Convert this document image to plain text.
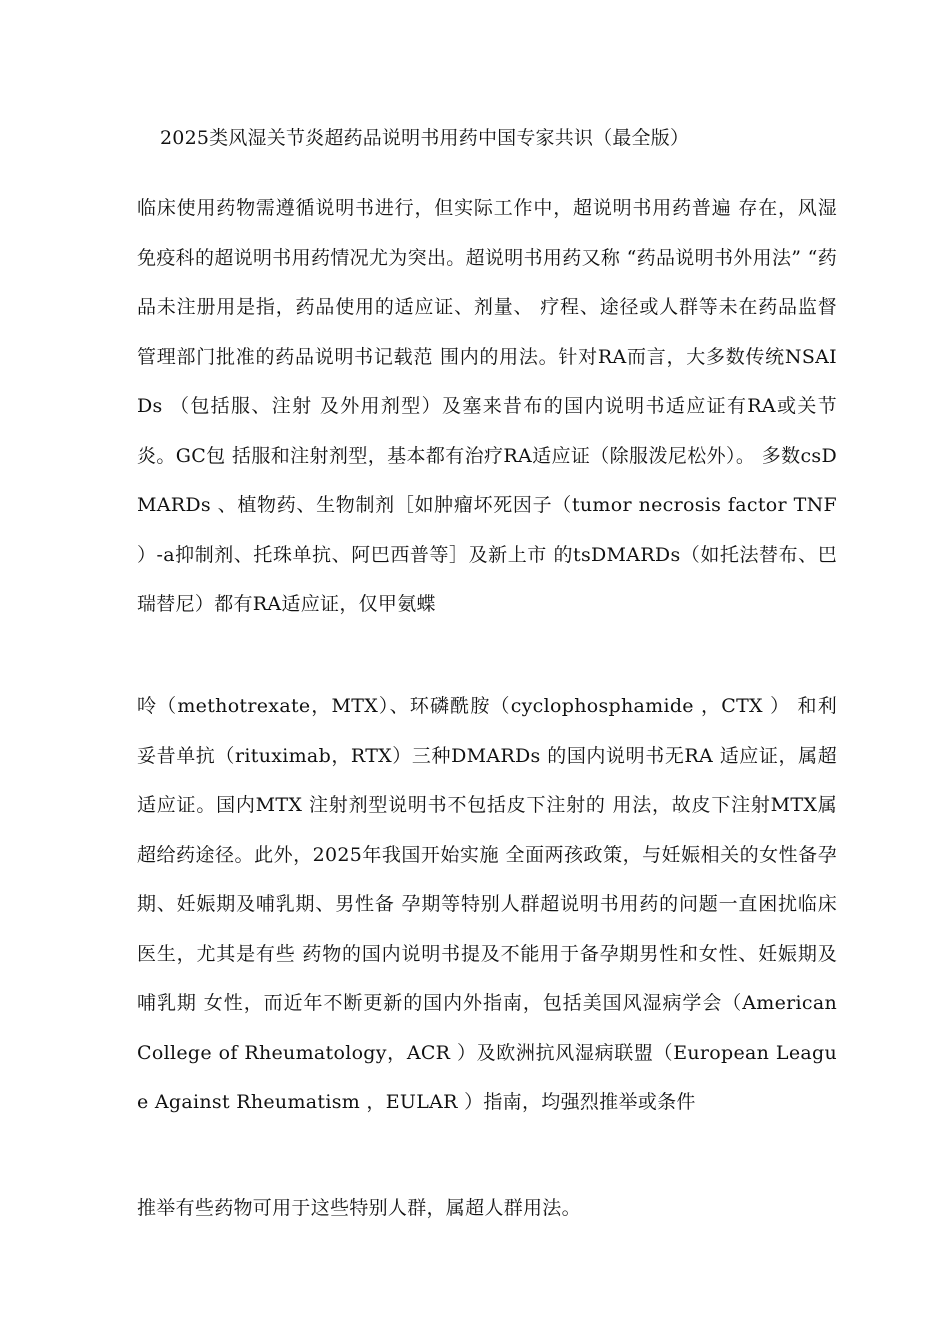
2025类风湿关节炎超药品说明书用药中国专家共识（最全版）
临床使用药物需遵循说明书进行，但实际工作中，超说明书用药普遍 存在，风湿免疫科的超说明书用药情况尤为突出。超说明书用药又称 “药品说明书外用法” “药品未注册用是指，药品使用的适应证、剂量、 疗程、途径或人群等未在药品监督管理部门批准的药品说明书记载范 围内的用法。针对RA而言，大多数传统NSAIDs （包括服、注射 及外用剂型）及塞来昔布的国内说明书适应证有RA或关节炎。GC包 括服和注射剂型，基本都有治疗RA适应证（除服泼尼松外）。 多数csDMARDs 、植物药、生物制剂［如肿瘤坏死因子（tumor necrosis factor TNF ）-a抑制剂、托珠单抗、阿巴西普等］及新上市 的tsDMARDs（如托法替布、巴瑞替尼）都有RA适应证，仅甲氨蝶
呤（methotrexate，MTX）、环磷酰胺（cyclophosphamide ，CTX ） 和利妥昔单抗（rituximab，RTX）三种DMARDs 的国内说明书无RA 适应证，属超适应证。国内MTX 注射剂型说明书不包括皮下注射的 用法，故皮下注射MTX属超给药途径。此外，2025年我国开始实施 全面两孩政策，与妊娠相关的女性备孕期、妊娠期及哺乳期、男性备 孕期等特别人群超说明书用药的问题一直困扰临床医生，尤其是有些 药物的国内说明书提及不能用于备孕期男性和女性、妊娠期及哺乳期 女性，而近年不断更新的国内外指南，包括美国风湿病学会（American College of Rheumatology，ACR ）及欧洲抗风湿病联盟（European League Against Rheumatism ，EULAR ）指南，均强烈推举或条件
推举有些药物可用于这些特别人群，属超人群用法。
